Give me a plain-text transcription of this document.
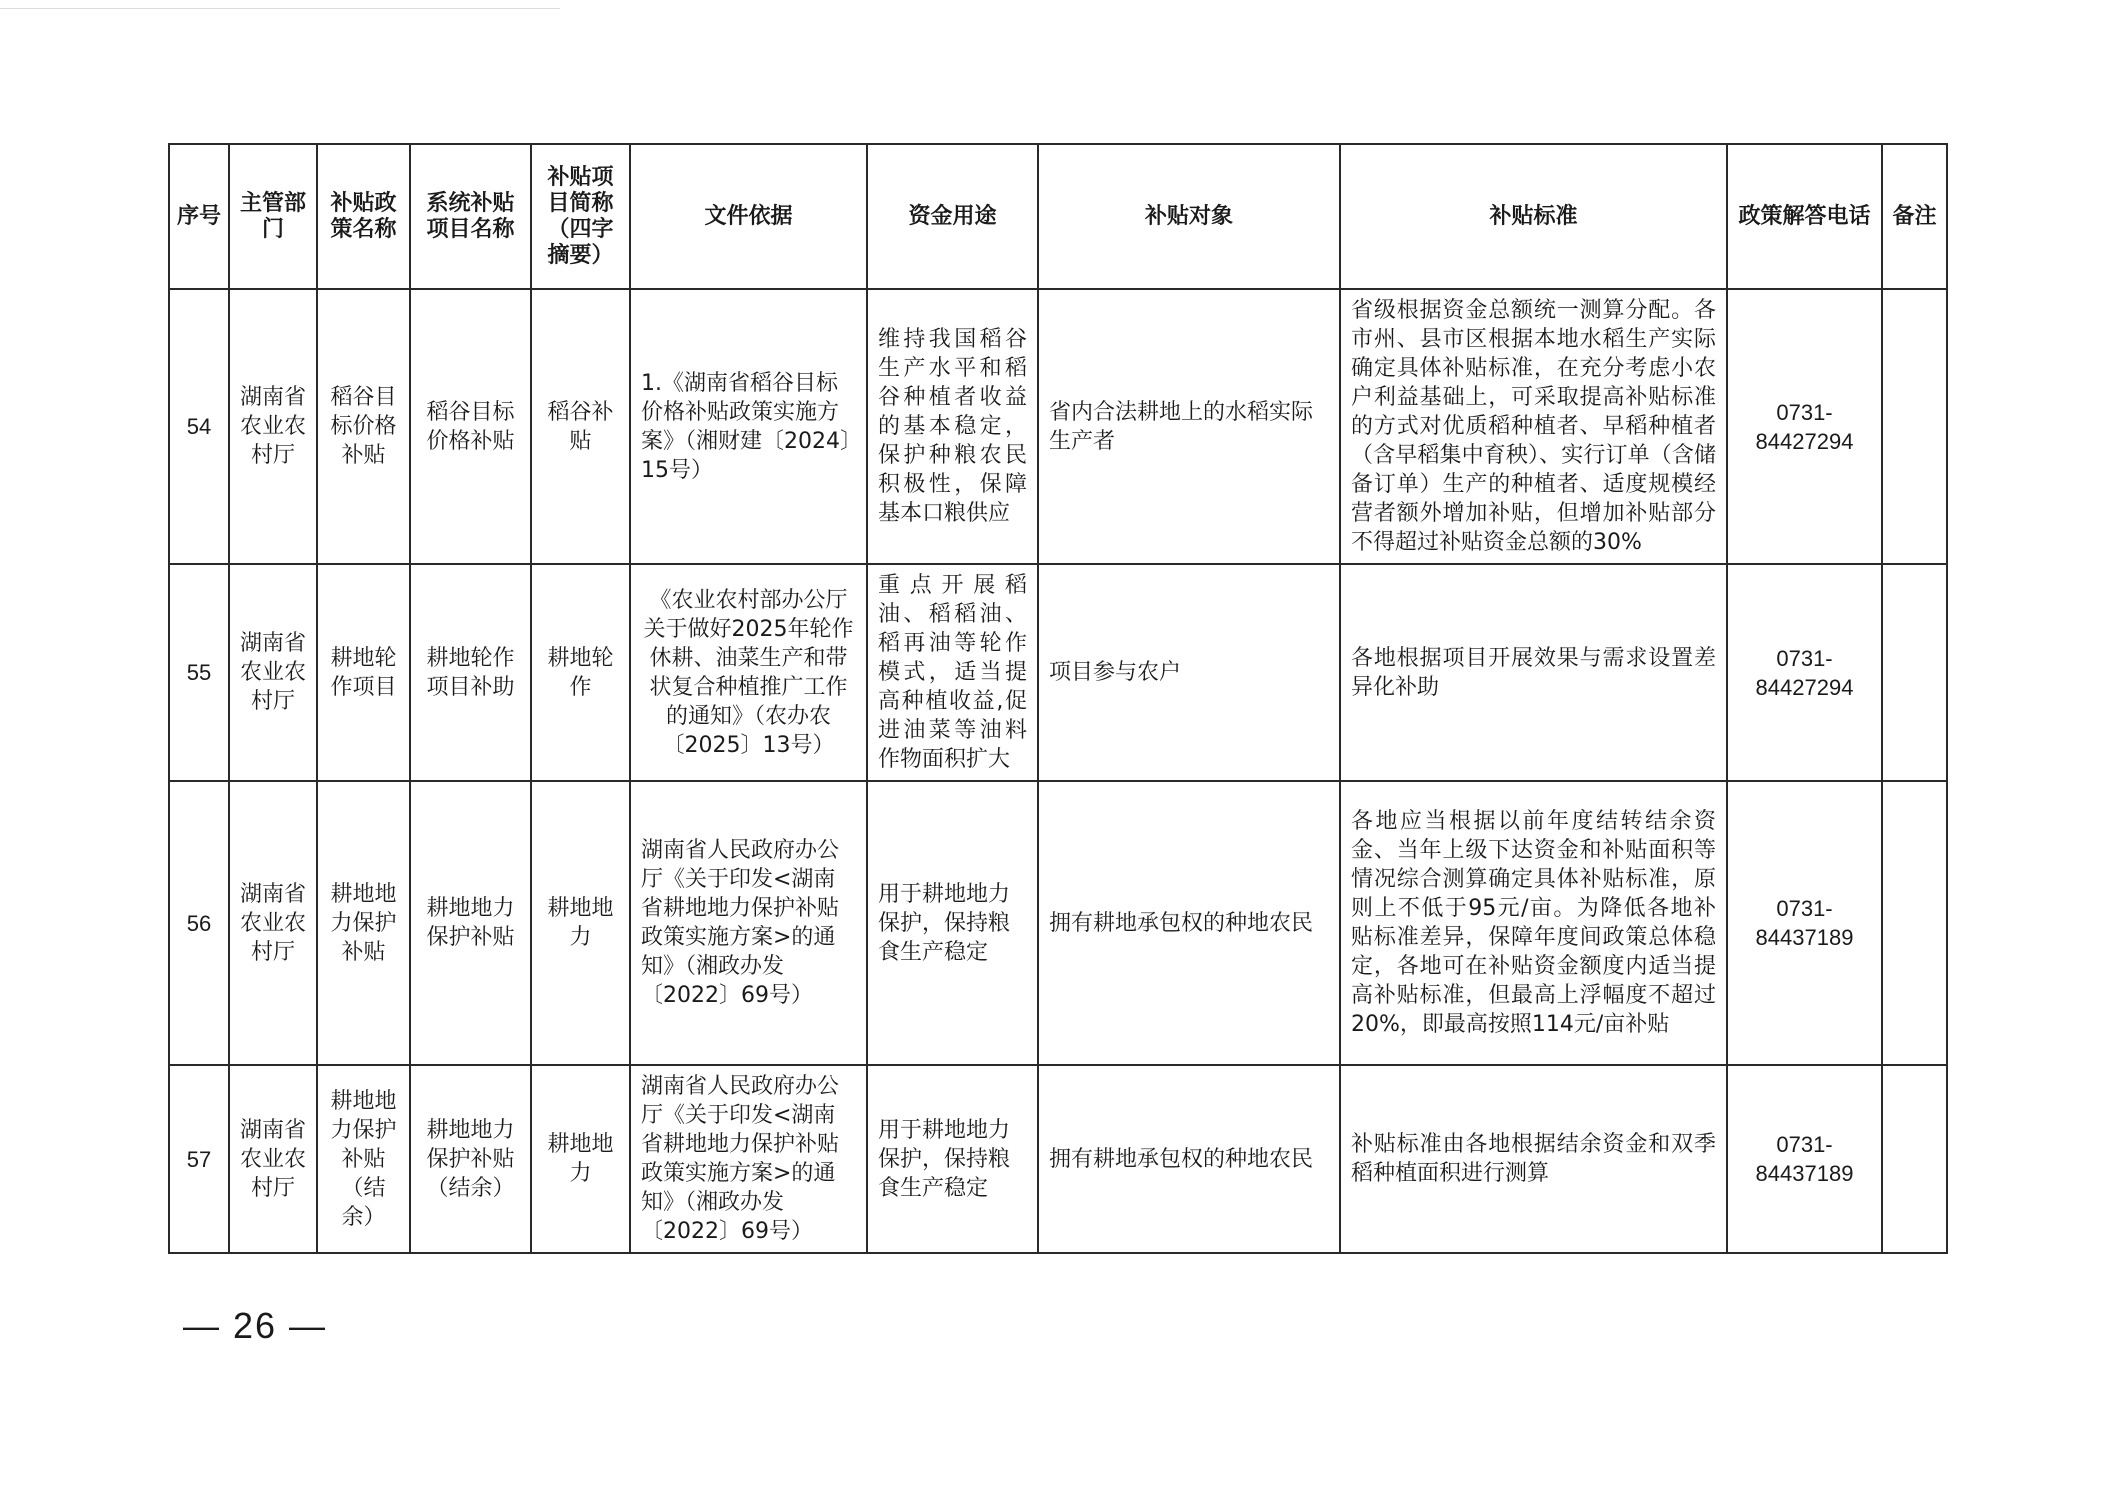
序号	主管部门	补贴政策名称	系统补贴项目名称	补贴项目简称（四字摘要）	文件依据	资金用途	补贴对象	补贴标准	政策解答电话	备注
54	湖南省农业农村厅	稻谷目标价格补贴	稻谷目标价格补贴	稻谷补贴	1.《湖南省稻谷目标价格补贴政策实施方案》（湘财建〔2024〕15号）	维持我国稻谷生产水平和稻谷种植者收益的基本稳定，保护种粮农民积极性，保障基本口粮供应	省内合法耕地上的水稻实际生产者	省级根据资金总额统一测算分配。各市州、县市区根据本地水稻生产实际确定具体补贴标准，在充分考虑小农户利益基础上，可采取提高补贴标准的方式对优质稻种植者、早稻种植者（含早稻集中育秧）、实行订单（含储备订单）生产的种植者、适度规模经营者额外增加补贴，但增加补贴部分不得超过补贴资金总额的30%	0731-84427294	
55	湖南省农业农村厅	耕地轮作项目	耕地轮作项目补助	耕地轮作	《农业农村部办公厅关于做好2025年轮作休耕、油菜生产和带状复合种植推广工作的通知》（农办农〔2025〕13号）	重点开展稻油、稻稻油、稻再油等轮作模式，适当提高种植收益,促进油菜等油料作物面积扩大	项目参与农户	各地根据项目开展效果与需求设置差异化补助	0731-84427294	
56	湖南省农业农村厅	耕地地力保护补贴	耕地地力保护补贴	耕地地力	湖南省人民政府办公厅《关于印发<湖南省耕地地力保护补贴政策实施方案>的通知》（湘政办发〔2022〕69号）	用于耕地地力保护，保持粮食生产稳定	拥有耕地承包权的种地农民	各地应当根据以前年度结转结余资金、当年上级下达资金和补贴面积等情况综合测算确定具体补贴标准，原则上不低于95元/亩。为降低各地补贴标准差异，保障年度间政策总体稳定，各地可在补贴资金额度内适当提高补贴标准，但最高上浮幅度不超过20%，即最高按照114元/亩补贴	0731-84437189	
57	湖南省农业农村厅	耕地地力保护补贴（结余）	耕地地力保护补贴（结余）	耕地地力	湖南省人民政府办公厅《关于印发<湖南省耕地地力保护补贴政策实施方案>的通知》（湘政办发〔2022〕69号）	用于耕地地力保护，保持粮食生产稳定	拥有耕地承包权的种地农民	补贴标准由各地根据结余资金和双季稻种植面积进行测算	0731-84437189	
— 26 —
